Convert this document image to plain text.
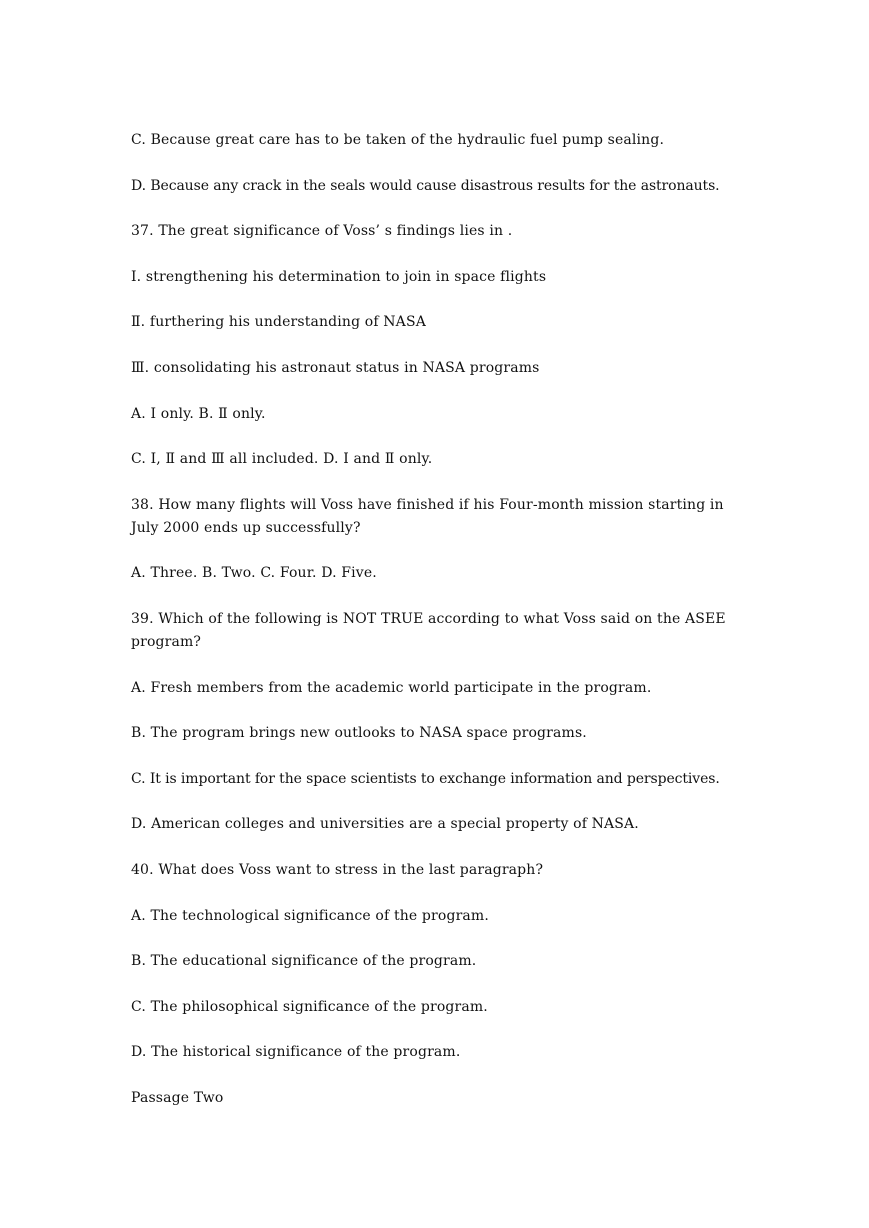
C. Because great care has to be taken of the hydraulic fuel pump sealing.

D. Because any crack in the seals would cause disastrous results for the astronauts.

37. The great significance of Voss’ s findings lies in .

Ⅰ. strengthening his determination to join in space flights

Ⅱ. furthering his understanding of NASA

Ⅲ. consolidating his astronaut status in NASA programs

A. Ⅰ only. B. Ⅱ only.

C. Ⅰ, Ⅱ and Ⅲ all included. D. Ⅰ and Ⅱ only.

38. How many flights will Voss have finished if his Four-month mission starting in July 2000 ends up successfully?

A. Three. B. Two. C. Four. D. Five.

39. Which of the following is NOT TRUE according to what Voss said on the ASEE program?

A. Fresh members from the academic world participate in the program.

B. The program brings new outlooks to NASA space programs.

C. It is important for the space scientists to exchange information and perspectives.

D. American colleges and universities are a special property of NASA.

40. What does Voss want to stress in the last paragraph?

A. The technological significance of the program.

B. The educational significance of the program.

C. The philosophical significance of the program.

D. The historical significance of the program.

Passage Two
